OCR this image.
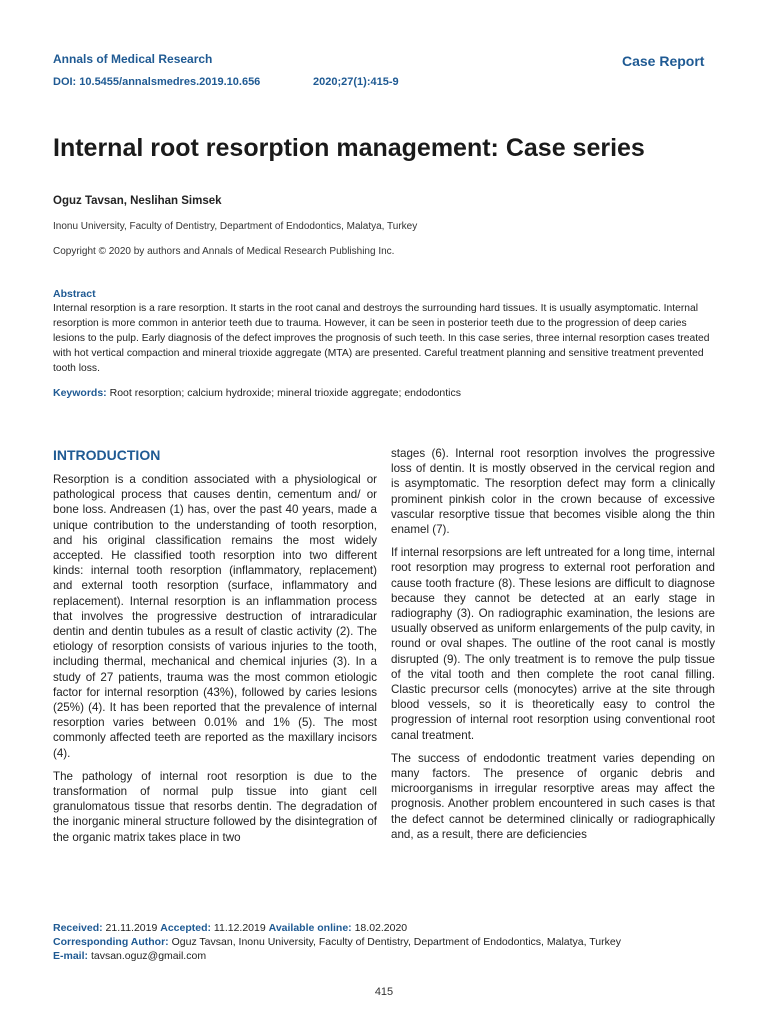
Annals of Medical Research
DOI: 10.5455/annalsmedres.2019.10.656	2020;27(1):415-9
Case Report
Internal root resorption management: Case series
Oguz Tavsan, Neslihan Simsek
Inonu University, Faculty of Dentistry, Department of Endodontics, Malatya, Turkey
Copyright © 2020 by authors and Annals of Medical Research Publishing Inc.
Abstract
Internal resorption is a rare resorption. It starts in the root canal and destroys the surrounding hard tissues. It is usually asymptomatic. Internal resorption is more common in anterior teeth due to trauma. However, it can be seen in posterior teeth due to the progression of deep caries lesions to the pulp. Early diagnosis of the defect improves the prognosis of such teeth. In this case series, three internal resorption cases treated with hot vertical compaction and mineral trioxide aggregate (MTA) are presented. Careful treatment planning and sensitive treatment prevented tooth loss.
Keywords: Root resorption; calcium hydroxide; mineral trioxide aggregate; endodontics
INTRODUCTION

Resorption is a condition associated with a physiological or pathological process that causes dentin, cementum and/ or bone loss. Andreasen (1) has, over the past 40 years, made a unique contribution to the understanding of tooth resorption, and his original classification remains the most widely accepted. He classified tooth resorption into two different kinds: internal tooth resorption (inflammatory, replacement) and external tooth resorption (surface, inflammatory and replacement). Internal resorption is an inflammation process that involves the progressive destruction of intraradicular dentin and dentin tubules as a result of clastic activity (2). The etiology of resorption consists of various injuries to the tooth, including thermal, mechanical and chemical injuries (3). In a study of 27 patients, trauma was the most common etiologic factor for internal resorption (43%), followed by caries lesions (25%) (4). It has been reported that the prevalence of internal resorption varies between 0.01% and 1% (5). The most commonly affected teeth are reported as the maxillary incisors (4).

The pathology of internal root resorption is due to the transformation of normal pulp tissue into giant cell granulomatous tissue that resorbs dentin. The degradation of the inorganic mineral structure followed by the disintegration of the organic matrix takes place in two

stages (6). Internal root resorption involves the progressive loss of dentin. It is mostly observed in the cervical region and is asymptomatic. The resorption defect may form a clinically prominent pinkish color in the crown because of excessive vascular resorptive tissue that becomes visible along the thin enamel (7).

If internal resorpsions are left untreated for a long time, internal root resorption may progress to external root perforation and cause tooth fracture (8). These lesions are difficult to diagnose because they cannot be detected at an early stage in radiography (3). On radiographic examination, the lesions are usually observed as uniform enlargements of the pulp cavity, in round or oval shapes. The outline of the root canal is mostly disrupted (9). The only treatment is to remove the pulp tissue of the vital tooth and then complete the root canal filling. Clastic precursor cells (monocytes) arrive at the site through blood vessels, so it is theoretically easy to control the progression of internal root resorption using conventional root canal treatment.

The success of endodontic treatment varies depending on many factors. The presence of organic debris and microorganisms in irregular resorptive areas may affect the prognosis. Another problem encountered in such cases is that the defect cannot be determined clinically or radiographically and, as a result, there are deficiencies

Received: 21.11.2019 Accepted: 11.12.2019 Available online: 18.02.2020
Corresponding Author: Oguz Tavsan, Inonu University, Faculty of Dentistry, Department of Endodontics, Malatya, Turkey
E-mail: tavsan.oguz@gmail.com
415
